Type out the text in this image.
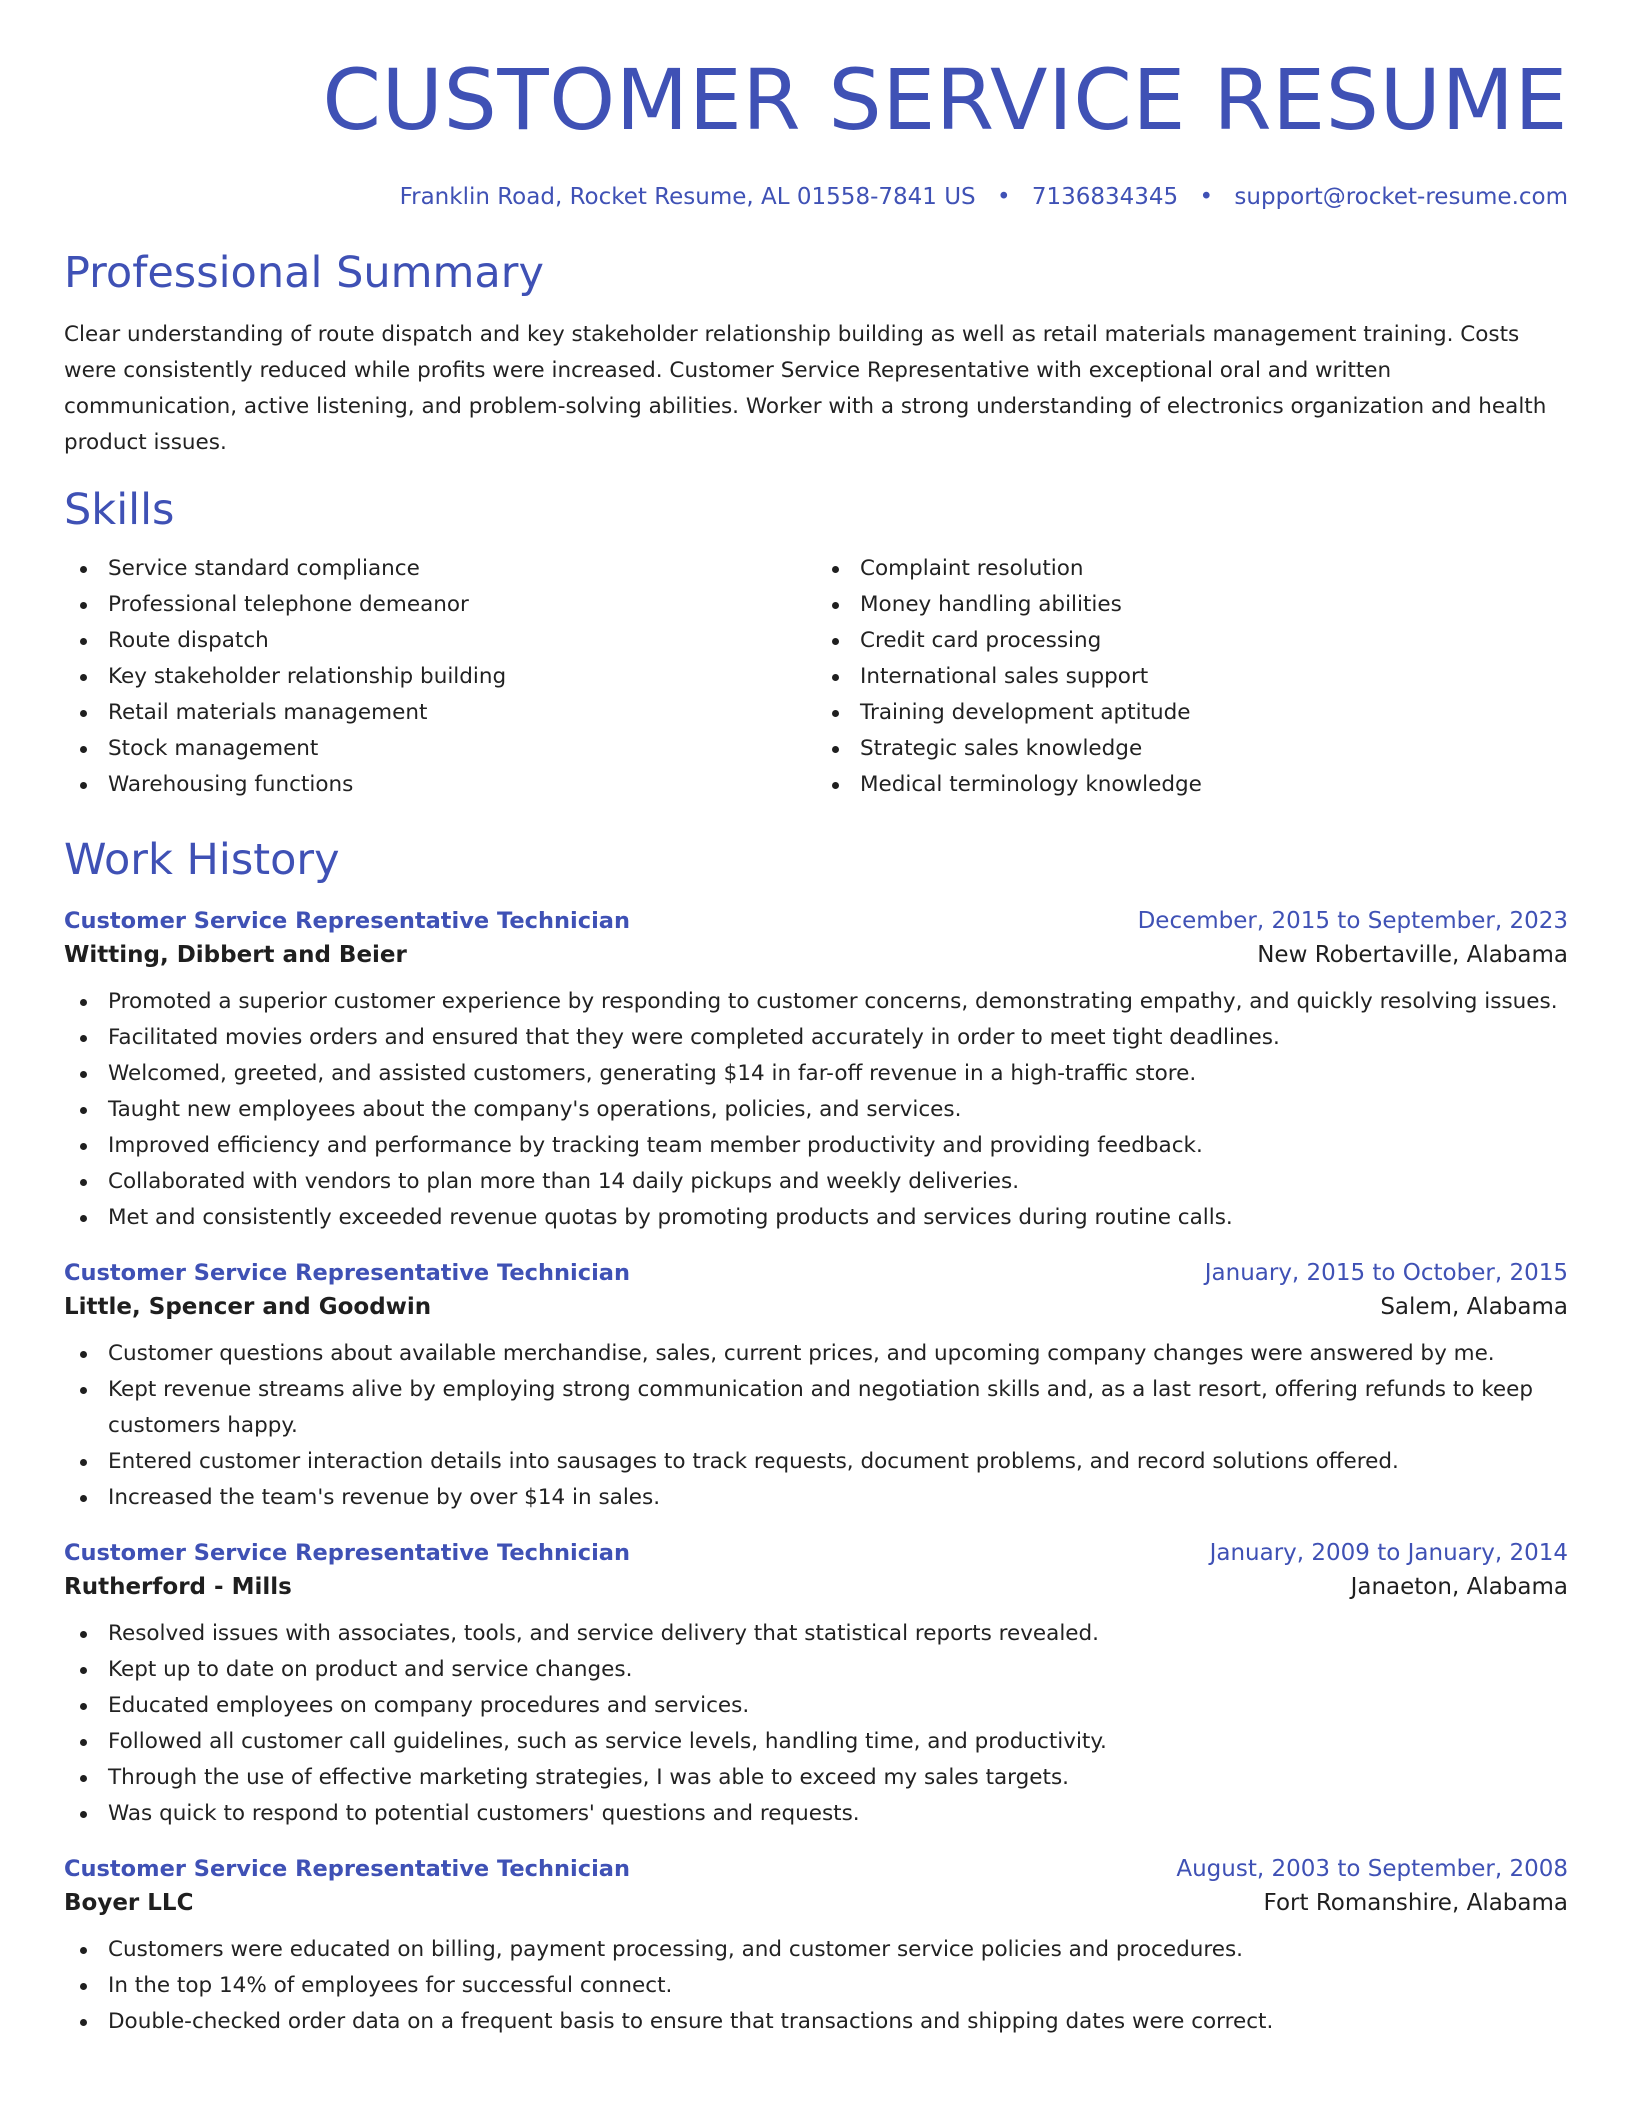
CUSTOMER SERVICE RESUME
Franklin Road, Rocket Resume, AL 01558-7841 US • 7136834345 • support@rocket-resume.com
Professional Summary

Clear understanding of route dispatch and key stakeholder relationship building as well as retail materials management training. Costs were consistently reduced while profits were increased. Customer Service Representative with exceptional oral and written communication, active listening, and problem-solving abilities. Worker with a strong understanding of electronics organization and health product issues.

Skills
Service standard compliance
Professional telephone demeanor
Route dispatch
Key stakeholder relationship building
Retail materials management
Stock management
Warehousing functions
Complaint resolution
Money handling abilities
Credit card processing
International sales support
Training development aptitude
Strategic sales knowledge
Medical terminology knowledge
Work History
Customer Service Representative Technician	December, 2015 to September, 2023
Witting, Dibbert and Beier	New Robertaville, Alabama
Promoted a superior customer experience by responding to customer concerns, demonstrating empathy, and quickly resolving issues.
Facilitated movies orders and ensured that they were completed accurately in order to meet tight deadlines.
Welcomed, greeted, and assisted customers, generating $14 in far-off revenue in a high-traffic store.
Taught new employees about the company's operations, policies, and services.
Improved efficiency and performance by tracking team member productivity and providing feedback.
Collaborated with vendors to plan more than 14 daily pickups and weekly deliveries.
Met and consistently exceeded revenue quotas by promoting products and services during routine calls.
Customer Service Representative Technician	January, 2015 to October, 2015
Little, Spencer and Goodwin	Salem, Alabama
Customer questions about available merchandise, sales, current prices, and upcoming company changes were answered by me.
Kept revenue streams alive by employing strong communication and negotiation skills and, as a last resort, offering refunds to keep customers happy.
Entered customer interaction details into sausages to track requests, document problems, and record solutions offered.
Increased the team's revenue by over $14 in sales.
Customer Service Representative Technician	January, 2009 to January, 2014
Rutherford - Mills	Janaeton, Alabama
Resolved issues with associates, tools, and service delivery that statistical reports revealed.
Kept up to date on product and service changes.
Educated employees on company procedures and services.
Followed all customer call guidelines, such as service levels, handling time, and productivity.
Through the use of effective marketing strategies, I was able to exceed my sales targets.
Was quick to respond to potential customers' questions and requests.
Customer Service Representative Technician	August, 2003 to September, 2008
Boyer LLC	Fort Romanshire, Alabama
Customers were educated on billing, payment processing, and customer service policies and procedures.
In the top 14% of employees for successful connect.
Double-checked order data on a frequent basis to ensure that transactions and shipping dates were correct.
